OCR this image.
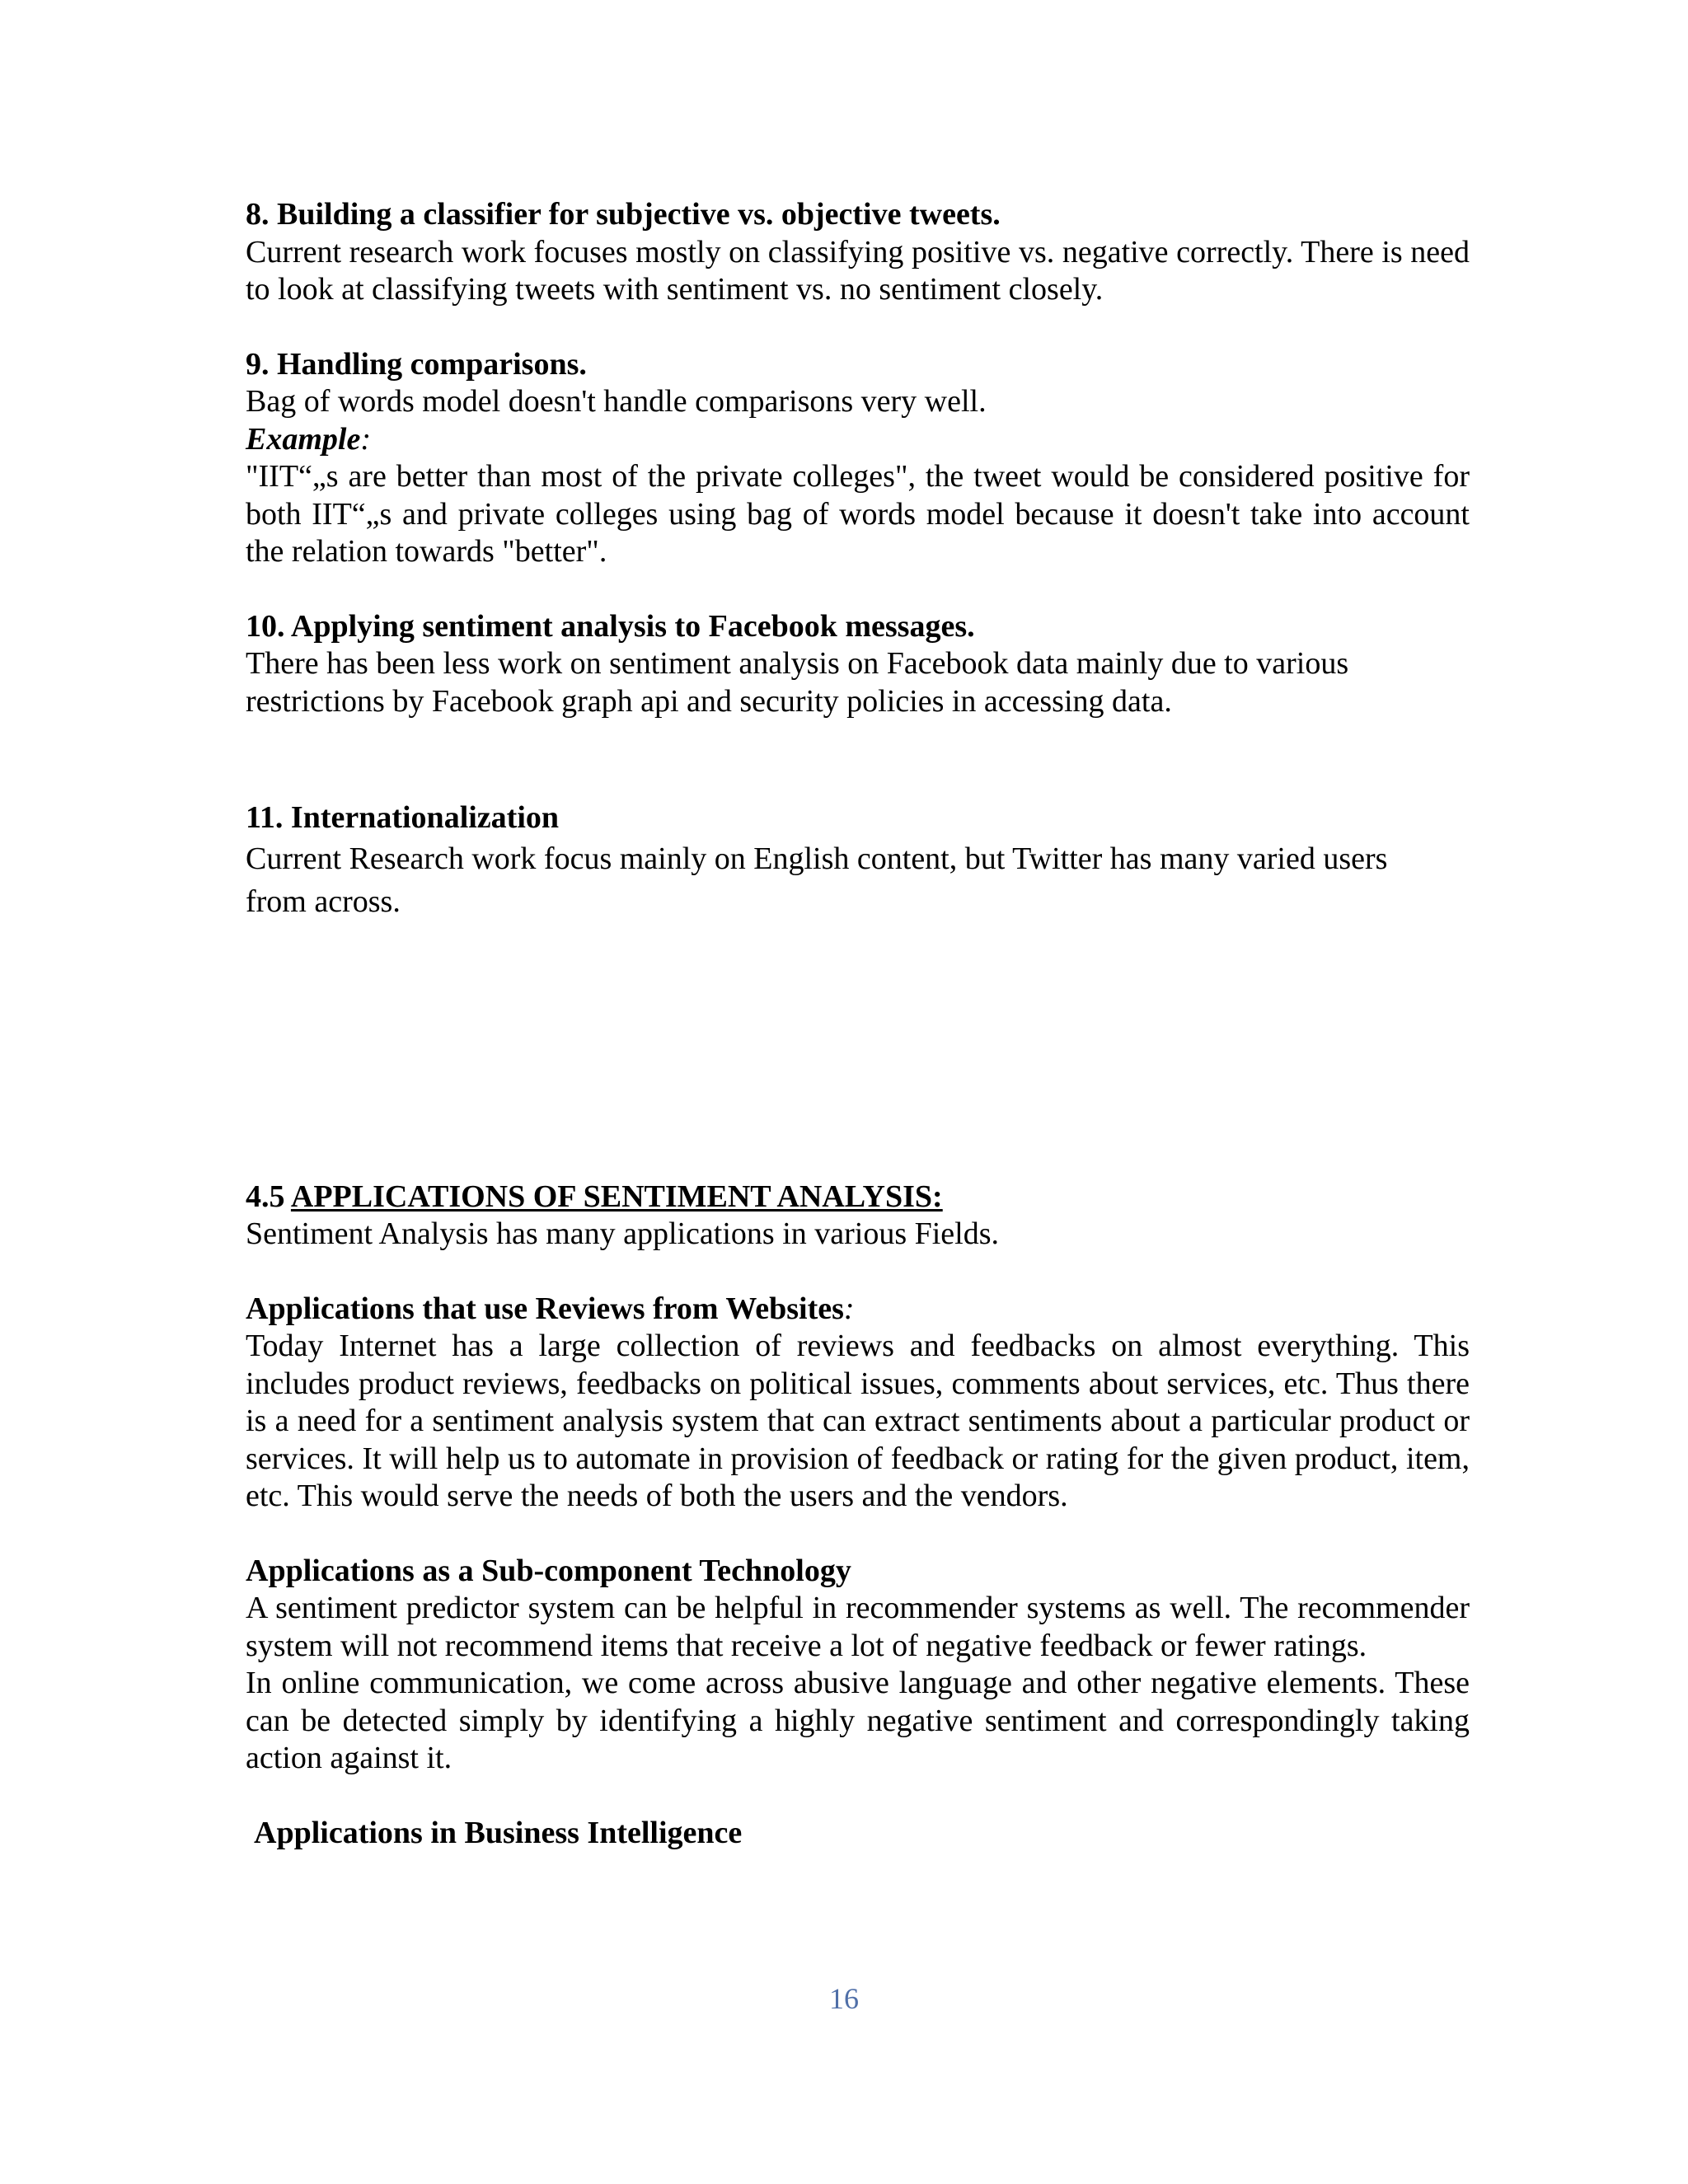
8. Building a classifier for subjective vs. objective tweets.

Current research work focuses mostly on classifying positive vs. negative correctly. There is need to look at classifying tweets with sentiment vs. no sentiment closely.

9. Handling comparisons.

Bag of words model doesn't handle comparisons very well.

Example:

"IIT“„s are better than most of the private colleges", the tweet would be considered positive for both IIT“„s and private colleges using bag of words model because it doesn't take into account the relation towards "better".

10. Applying sentiment analysis to Facebook messages.

There has been less work on sentiment analysis on Facebook data mainly due to various restrictions by Facebook graph api and security policies in accessing data.

11. Internationalization

Current Research work focus mainly on English content, but Twitter has many varied users

from across.

4.5 APPLICATIONS OF SENTIMENT ANALYSIS:

Sentiment Analysis has many applications in various Fields.

Applications that use Reviews from Websites:

Today Internet has a large collection of reviews and feedbacks on almost everything. This includes product reviews, feedbacks on political issues, comments about services, etc. Thus there is a need for a sentiment analysis system that can extract sentiments about a particular product or services. It will help us to automate in provision of feedback or rating for the given product, item, etc. This would serve the needs of both the users and the vendors.

Applications as a Sub-component Technology

A sentiment predictor system can be helpful in recommender systems as well. The recommender system will not recommend items that receive a lot of negative feedback or fewer ratings.

In online communication, we come across abusive language and other negative elements. These can be detected simply by identifying a highly negative sentiment and correspondingly taking action against it.

Applications in Business Intelligence

16
